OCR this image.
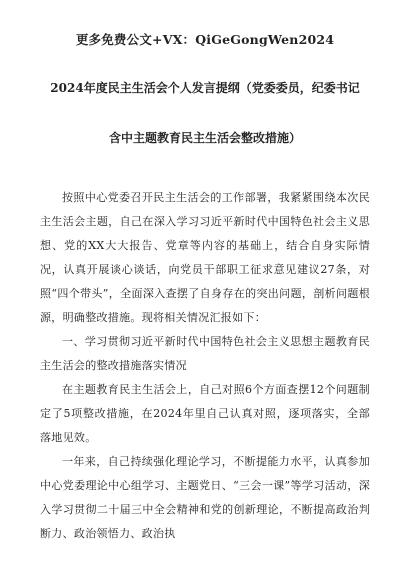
更多免费公文+VX：QiGeGongWen2024

2024年度民主生活会个人发言提纲（党委委员，纪委书记

含中主题教育民主生活会整改措施）

按照中心党委召开民主生活会的工作部署，我紧紧围绕本次民主生活会主题，自己在深入学习习近平新时代中国特色社会主义思想、党的XX大大报告、党章等内容的基础上，结合自身实际情况，认真开展谈心谈话，向党员干部职工征求意见建议27条，对照“四个带头”，全面深入查摆了自身存在的突出问题，剖析问题根源，明确整改措施。现将相关情况汇报如下：

一、学习贯彻习近平新时代中国特色社会主义思想主题教育民主生活会的整改措施落实情况

在主题教育民主生活会上，自己对照6个方面查摆12个问题制定了5项整改措施，在2024年里自己认真对照，逐项落实，全部落地见效。

一年来，自己持续强化理论学习，不断提能力水平，认真参加中心党委理论中心组学习、主题党日、“三会一课”等学习活动，深入学习贯彻二十届三中全会精神和党的创新理论，不断提高政治判断力、政治领悟力、政治执
